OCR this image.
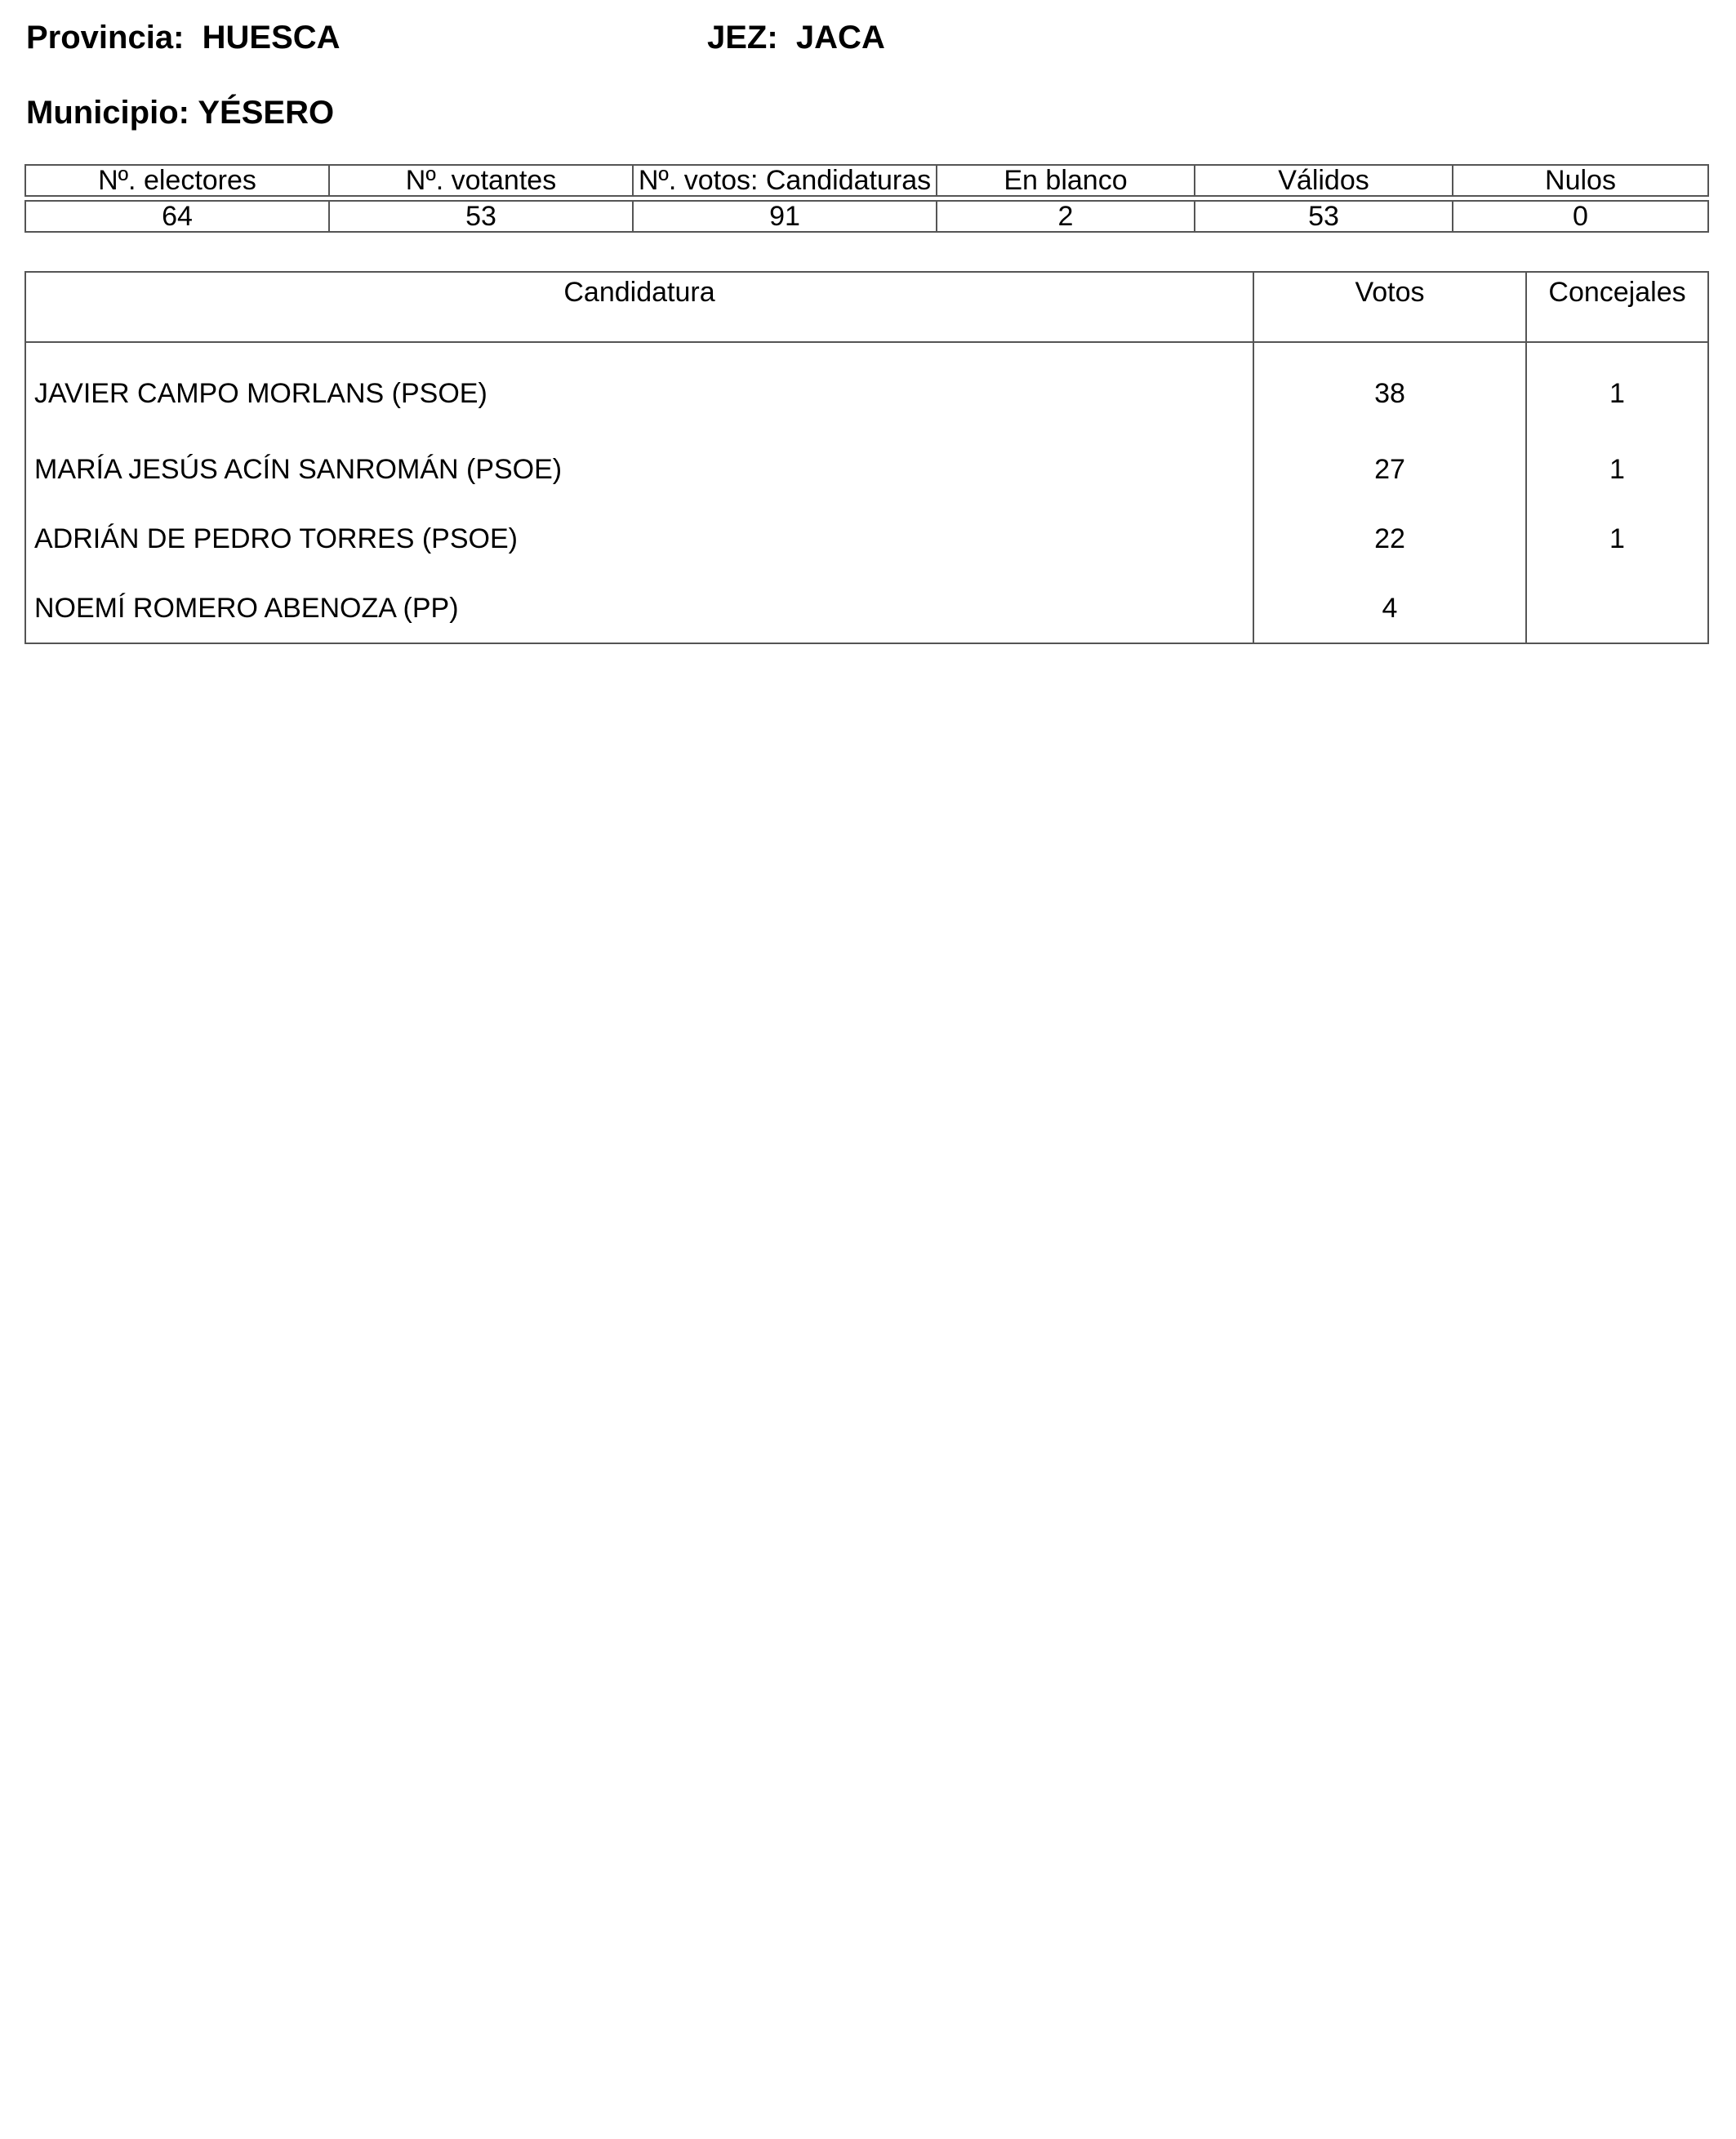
Provincia: HUESCA	JEZ: JACA
Municipio: YÉSERO
Nº. electores	Nº. votantes	Nº. votos: Candidaturas	En blanco	Válidos	Nulos

64	53	91	2	53	0
Candidatura	Votos	Concejales
JAVIER CAMPO MORLANS (PSOE)	38	1
MARÍA JESÚS ACÍN SANROMÁN (PSOE)	27	1
ADRIÁN DE PEDRO TORRES (PSOE)	22	1
NOEMÍ ROMERO ABENOZA (PP)	4	
